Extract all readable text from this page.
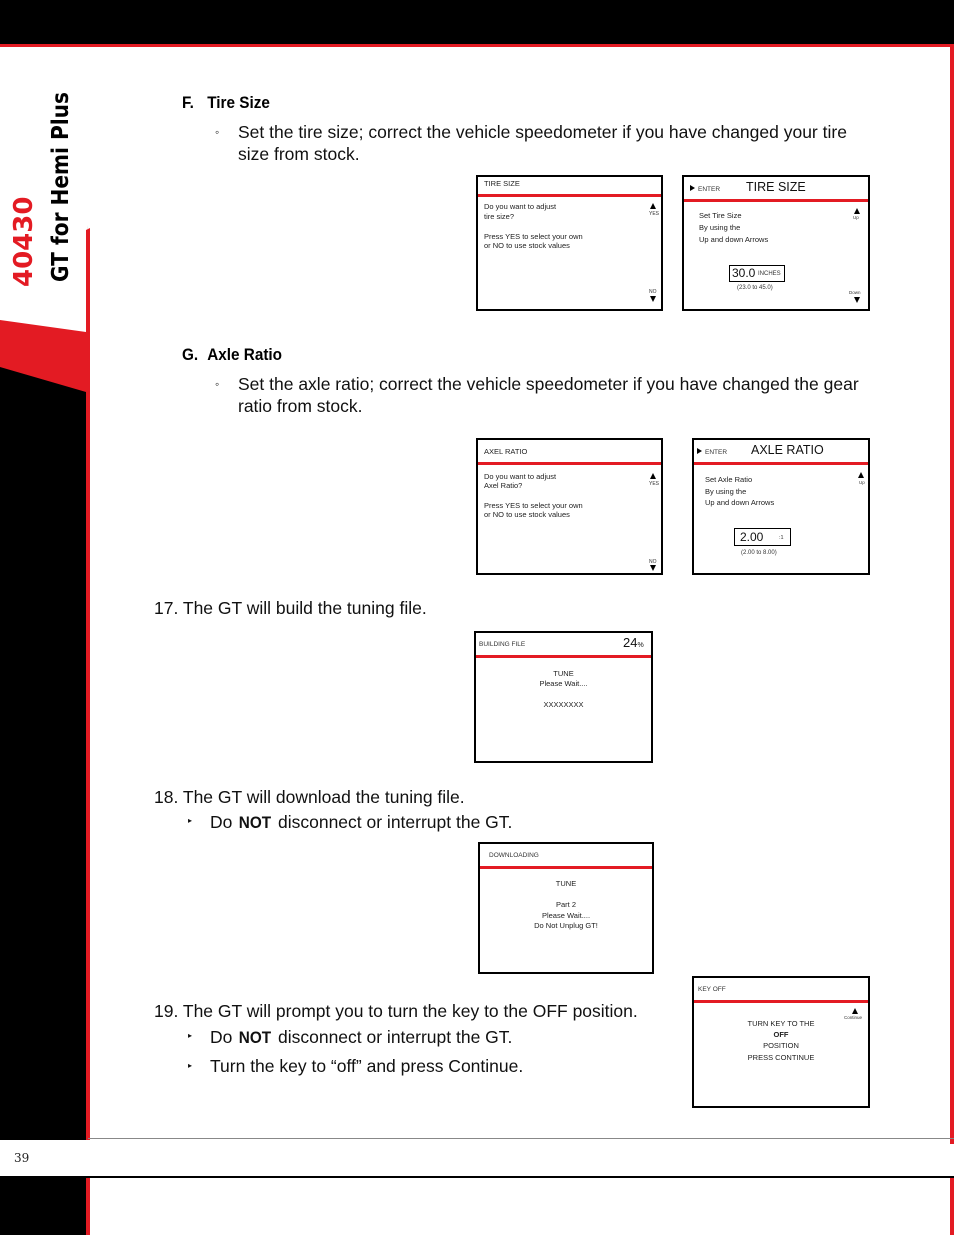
40430 GT for Hemi Plus
39
F. Tire Size
◦ Set the tire size; correct the vehicle speedometer if you have changed your tire size from stock.
TIRE SIZE
Do you want to adjust
tire size?
Press YES to select your own
or NO to use stock values
YES
NO
ENTER TIRE SIZE
Set Tire Size
By using the
Up and down Arrows
30.0 INCHES
(23.0 to 45.0)
Up
Down
G. Axle Ratio
◦ Set the axle ratio; correct the vehicle speedometer if you have changed the gear ratio from stock.
AXEL RATIO
Do you want to adjust
Axel Ratio?
Press YES to select your own
or NO to use stock values
YES
NO
ENTER AXLE RATIO
Set Axle Ratio
By using the
Up and down Arrows
2.00	:1
(2.00 to 8.00)
Up
17. The GT will build the tuning file.
BUILDING FILE	24%
TUNE
Please Wait....
XXXXXXXX
18. The GT will download the tuning file.
▸ Do NOT disconnect or interrupt the GT.
DOWNLOADING
TUNE
Part 2
Please Wait....
Do Not Unplug GT!
19. The GT will prompt you to turn the key to the OFF position.
▸ Do NOT disconnect or interrupt the GT.
▸ Turn the key to “off” and press Continue.
KEY OFF
TURN KEY TO THE
OFF
POSITION
PRESS CONTINUE
Continue
